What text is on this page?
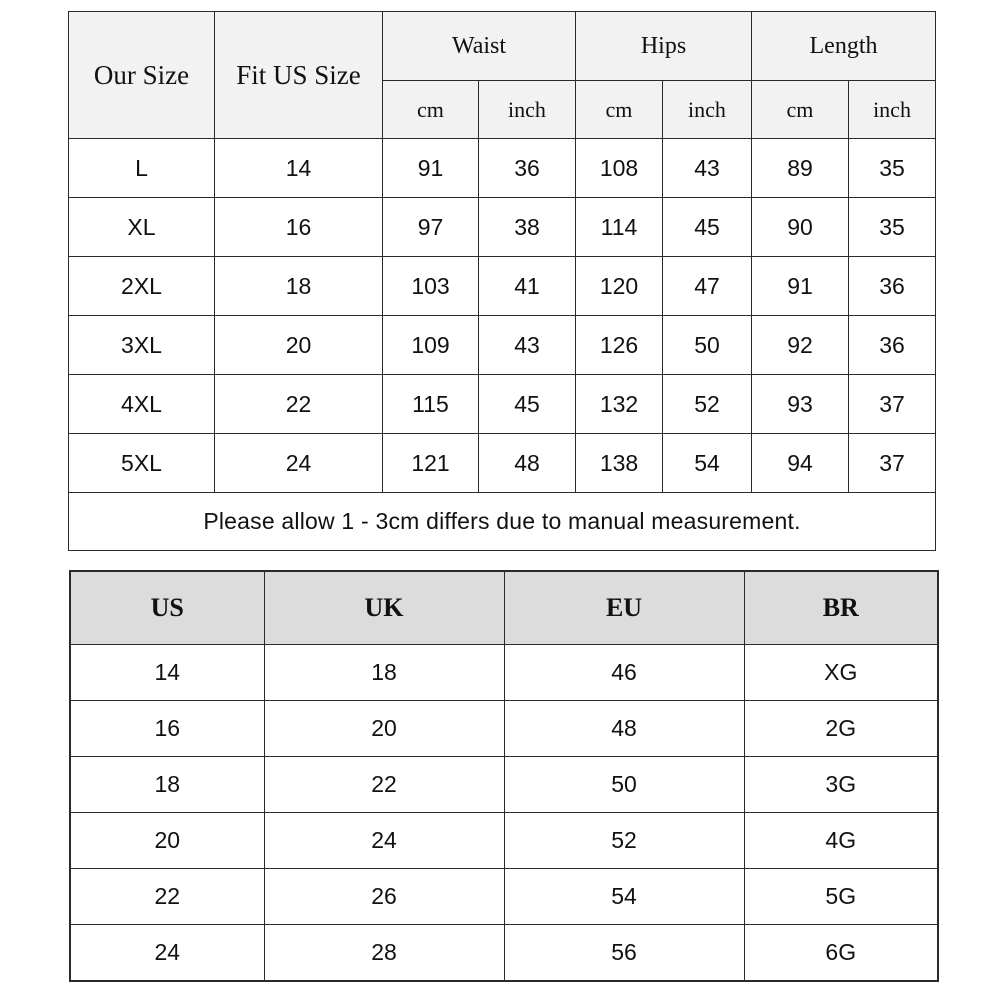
Our Size	Fit US Size	Waist		Hips		Length	
		cm	inch	cm	inch	cm	inch
L	14	91	36	108	43	89	35
XL	16	97	38	114	45	90	35
2XL	18	103	41	120	47	91	36
3XL	20	109	43	126	50	92	36
4XL	22	115	45	132	52	93	37
5XL	24	121	48	138	54	94	37
Please allow 1 - 3cm differs due to manual measurement.							
US	UK	EU	BR
14	18	46	XG
16	20	48	2G
18	22	50	3G
20	24	52	4G
22	26	54	5G
24	28	56	6G
